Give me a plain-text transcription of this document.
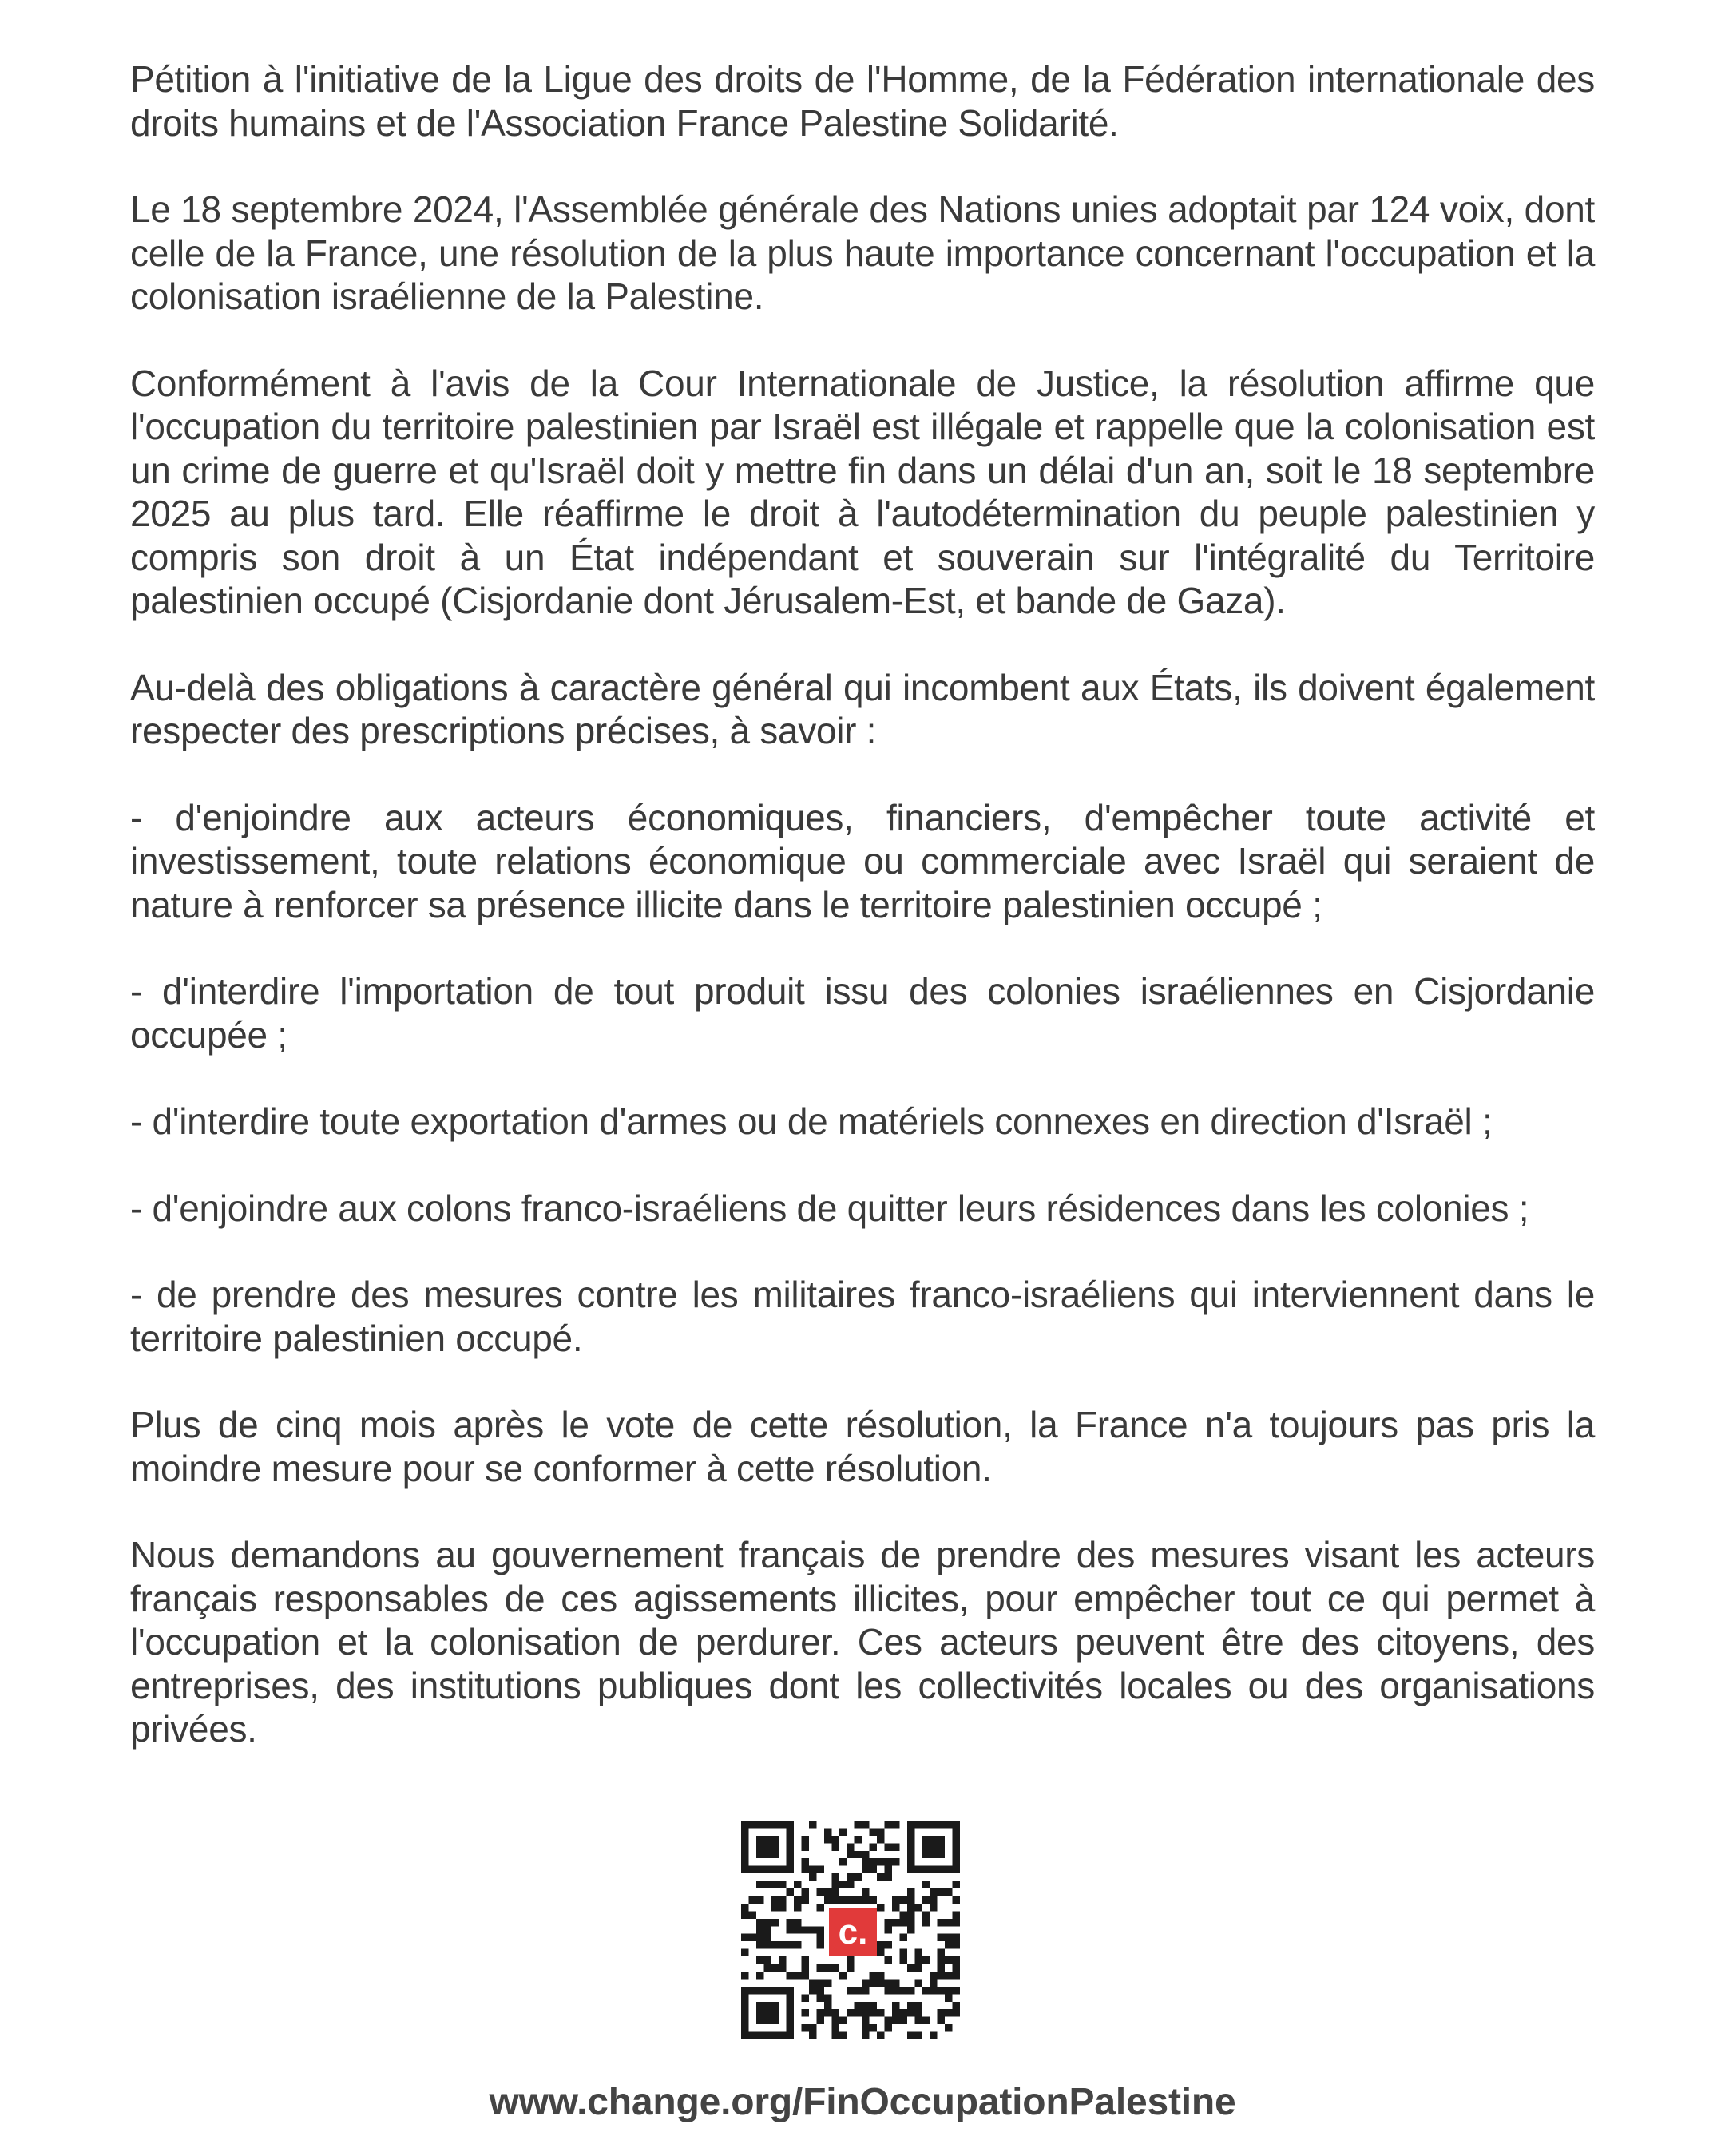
Pétition à l'initiative de la Ligue des droits de l'Homme, de la Fédération internationale des droits humains et de l'Association France Palestine Solidarité.

Le 18 septembre 2024, l'Assemblée générale des Nations unies adoptait par 124 voix, dont celle de la France, une résolution de la plus haute importance concernant l'occupation et la colonisation israélienne de la Palestine.

Conformément à l'avis de la Cour Internationale de Justice, la résolution affirme que l'occupation du territoire palestinien par Israël est illégale et rappelle que la colonisation est un crime de guerre et qu'Israël doit y mettre fin dans un délai d'un an, soit le 18 septembre 2025 au plus tard. Elle réaffirme le droit à l'autodétermination du peuple palestinien y compris son droit à un État indépendant et souverain sur l'intégralité du Territoire palestinien occupé (Cisjordanie dont Jérusalem-Est, et bande de Gaza).

Au-delà des obligations à caractère général qui incombent aux États, ils doivent également respecter des prescriptions précises, à savoir :

- d'enjoindre aux acteurs économiques, financiers, d'empêcher toute activité et investissement, toute relations économique ou commerciale avec Israël qui seraient de nature à renforcer sa présence illicite dans le territoire palestinien occupé ;

- d'interdire l'importation de tout produit issu des colonies israéliennes en Cisjordanie occupée ;

- d'interdire toute exportation d'armes ou de matériels connexes en direction d'Israël ;

- d'enjoindre aux colons franco-israéliens de quitter leurs résidences dans les colonies ;

- de prendre des mesures contre les militaires franco-israéliens qui interviennent dans le territoire palestinien occupé.

Plus de cinq mois après le vote de cette résolution, la France n'a toujours pas pris la moindre mesure pour se conformer à cette résolution.

Nous demandons au gouvernement français de prendre des mesures visant les acteurs français responsables de ces agissements illicites, pour empêcher tout ce qui permet à l'occupation et la colonisation de perdurer. Ces acteurs peuvent être des citoyens, des entreprises, des institutions publiques dont les collectivités locales ou des organisations privées.

c.
www.change.org/FinOccupationPalestine
